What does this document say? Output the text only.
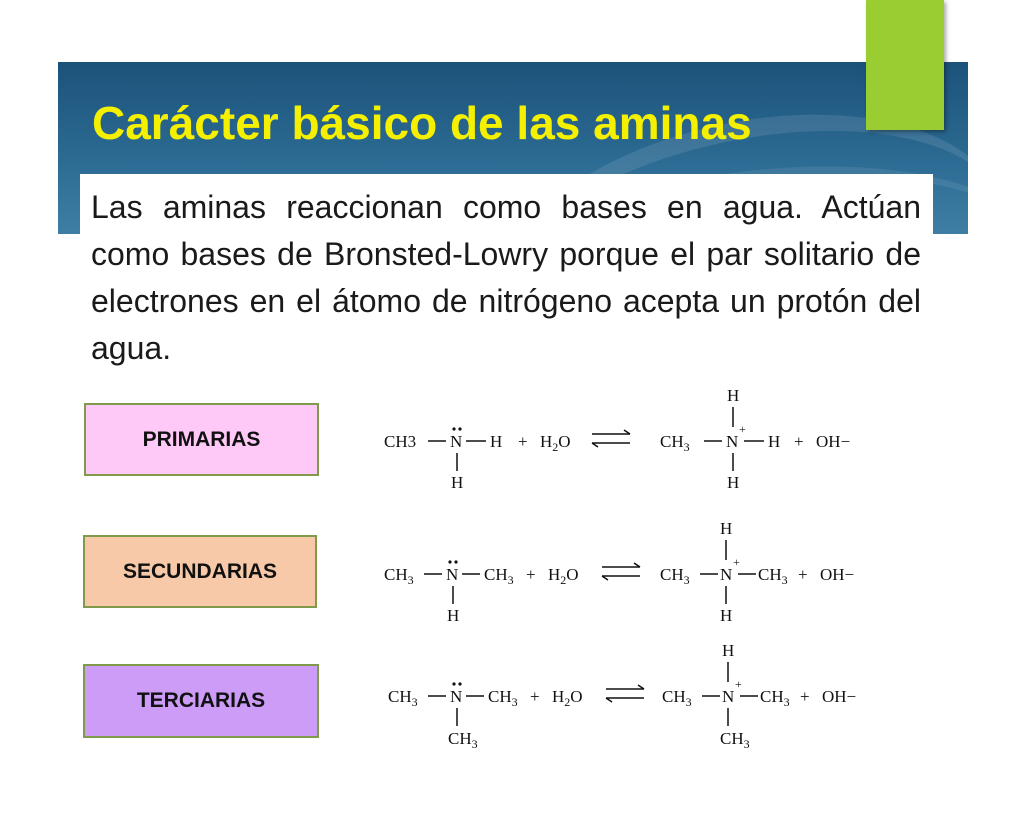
Carácter básico de las aminas

Las aminas reaccionan como bases en agua. Actúan como bases de Bronsted-Lowry porque el par solitario de electrones en el átomo de nitrógeno acepta un protón del agua.

PRIMARIAS
SECUNDARIAS
TERCIARIAS
CH3 N H
H
+ $H_2O$	$CH_3$ N
+
H
H
H
+ OH−
$CH_3$ N $CH_3$
H
+ $H_2O$	$CH_3$ N
+
$CH_3$
H
H
+ OH−
$CH_3$ N $CH_3$
$CH_3$
+ $H_2O$	$CH_3$ N
+
$CH_3$
H
$CH_3$
+ OH−
